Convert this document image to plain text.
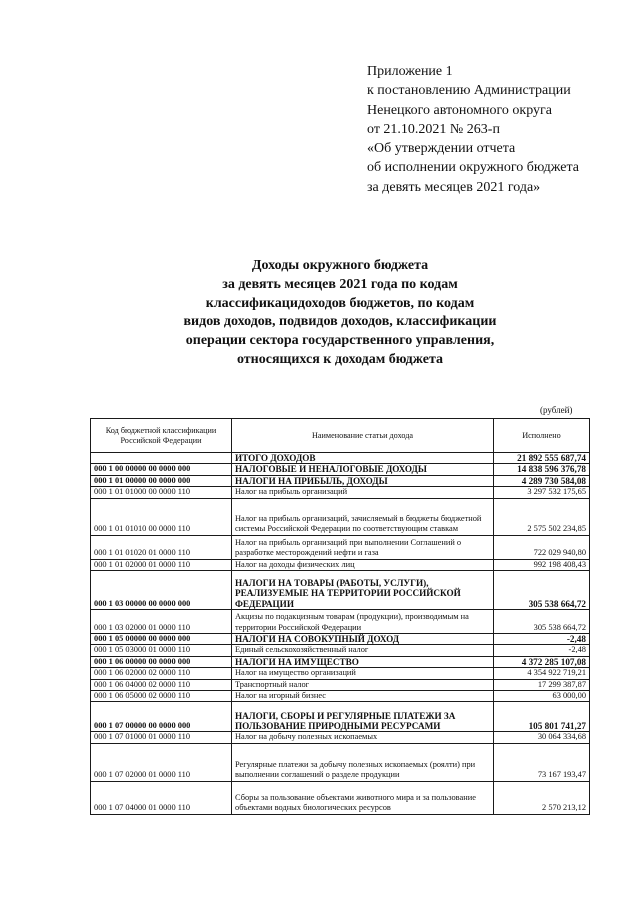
Приложение 1
к постановлению Администрации
Ненецкого автономного округа
от 21.10.2021 № 263-п
«Об утверждении отчета
об исполнении окружного бюджета
за девять месяцев 2021 года»
Доходы окружного бюджета
за девять месяцев 2021 года по кодам
классификацидоходов бюджетов, по кодам
видов доходов, подвидов доходов, классификации
операции сектора государственного управления,
относящихся к доходам бюджета
(рублей)
Код бюджетной классификации Российской Федерации	Наименование статьи дохода	Исполнено
	ИТОГО ДОХОДОВ	21 892 555 687,74
000 1 00 00000 00 0000 000	НАЛОГОВЫЕ И НЕНАЛОГОВЫЕ ДОХОДЫ	14 838 596 376,78
000 1 01 00000 00 0000 000	НАЛОГИ НА ПРИБЫЛЬ, ДОХОДЫ	4 289 730 584,08
000 1 01 01000 00 0000 110	Налог на прибыль организаций	3 297 532 175,65
000 1 01 01010 00 0000 110	Налог на прибыль организаций, зачисляемый в бюджеты бюджетной системы Российской Федерации по соответствующим ставкам	2 575 502 234,85
000 1 01 01020 01 0000 110	Налог на прибыль организаций при выполнении Соглашений о разработке месторождений нефти и газа	722 029 940,80
000 1 01 02000 01 0000 110	Налог на доходы физических лиц	992 198 408,43
000 1 03 00000 00 0000 000	НАЛОГИ НА ТОВАРЫ (РАБОТЫ, УСЛУГИ), РЕАЛИЗУЕМЫЕ НА ТЕРРИТОРИИ РОССИЙСКОЙ ФЕДЕРАЦИИ	305 538 664,72
000 1 03 02000 01 0000 110	Акцизы по подакцизным товарам (продукции), производимым на территории Российской Федерации	305 538 664,72
000 1 05 00000 00 0000 000	НАЛОГИ НА СОВОКУПНЫЙ ДОХОД	-2,48
000 1 05 03000 01 0000 110	Единый сельскохозяйственный налог	-2,48
000 1 06 00000 00 0000 000	НАЛОГИ НА ИМУЩЕСТВО	4 372 285 107,08
000 1 06 02000 02 0000 110	Налог на имущество организаций	4 354 922 719,21
000 1 06 04000 02 0000 110	Транспортный налог	17 299 387,87
000 1 06 05000 02 0000 110	Налог на игорный бизнес	63 000,00
000 1 07 00000 00 0000 000	НАЛОГИ, СБОРЫ И РЕГУЛЯРНЫЕ ПЛАТЕЖИ ЗА ПОЛЬЗОВАНИЕ ПРИРОДНЫМИ РЕСУРСАМИ	105 801 741,27
000 1 07 01000 01 0000 110	Налог на добычу полезных ископаемых	30 064 334,68
000 1 07 02000 01 0000 110	Регулярные платежи за добычу полезных ископаемых (роялти) при выполнении соглашений о разделе продукции	73 167 193,47
000 1 07 04000 01 0000 110	Сборы за пользование объектами животного мира и за пользование объектами водных биологических ресурсов	2 570 213,12
